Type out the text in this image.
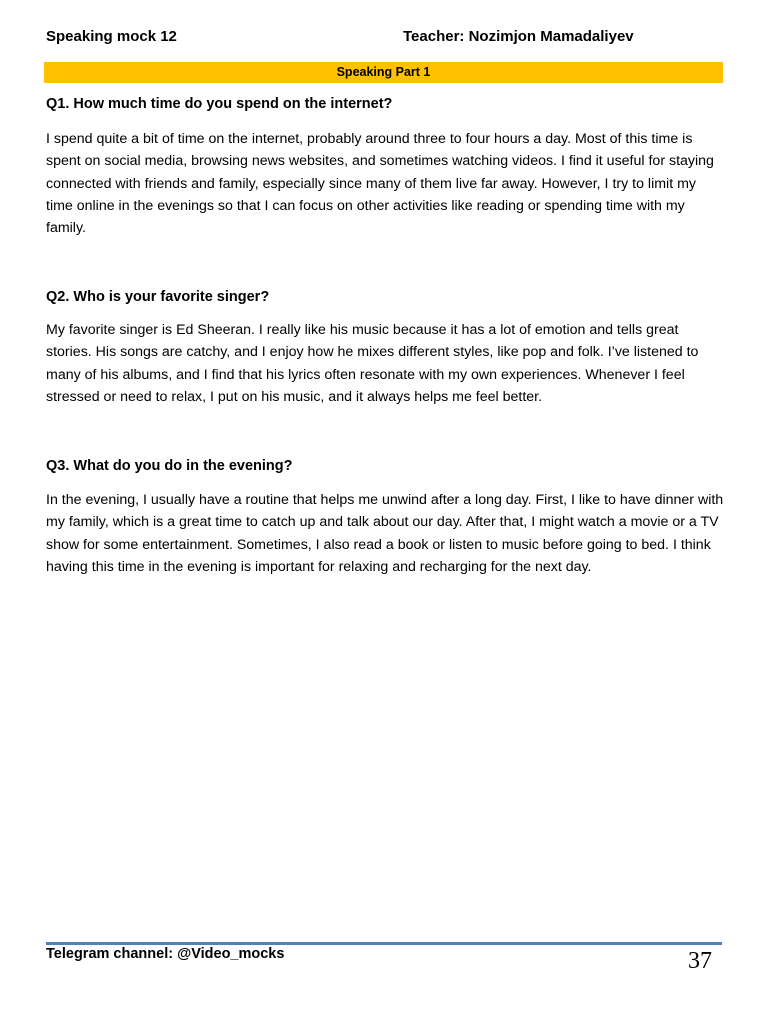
Speaking mock 12	Teacher: Nozimjon Mamadaliyev
Speaking Part 1
Q1. How much time do you spend on the internet?
I spend quite a bit of time on the internet, probably around three to four hours a day. Most of this time is spent on social media, browsing news websites, and sometimes watching videos. I find it useful for staying connected with friends and family, especially since many of them live far away. However, I try to limit my time online in the evenings so that I can focus on other activities like reading or spending time with my family.
Q2. Who is your favorite singer?
My favorite singer is Ed Sheeran. I really like his music because it has a lot of emotion and tells great stories. His songs are catchy, and I enjoy how he mixes different styles, like pop and folk. I’ve listened to many of his albums, and I find that his lyrics often resonate with my own experiences. Whenever I feel stressed or need to relax, I put on his music, and it always helps me feel better.
Q3. What do you do in the evening?
In the evening, I usually have a routine that helps me unwind after a long day. First, I like to have dinner with my family, which is a great time to catch up and talk about our day. After that, I might watch a movie or a TV show for some entertainment. Sometimes, I also read a book or listen to music before going to bed. I think having this time in the evening is important for relaxing and recharging for the next day.
Telegram channel: @Video_mocks	37
